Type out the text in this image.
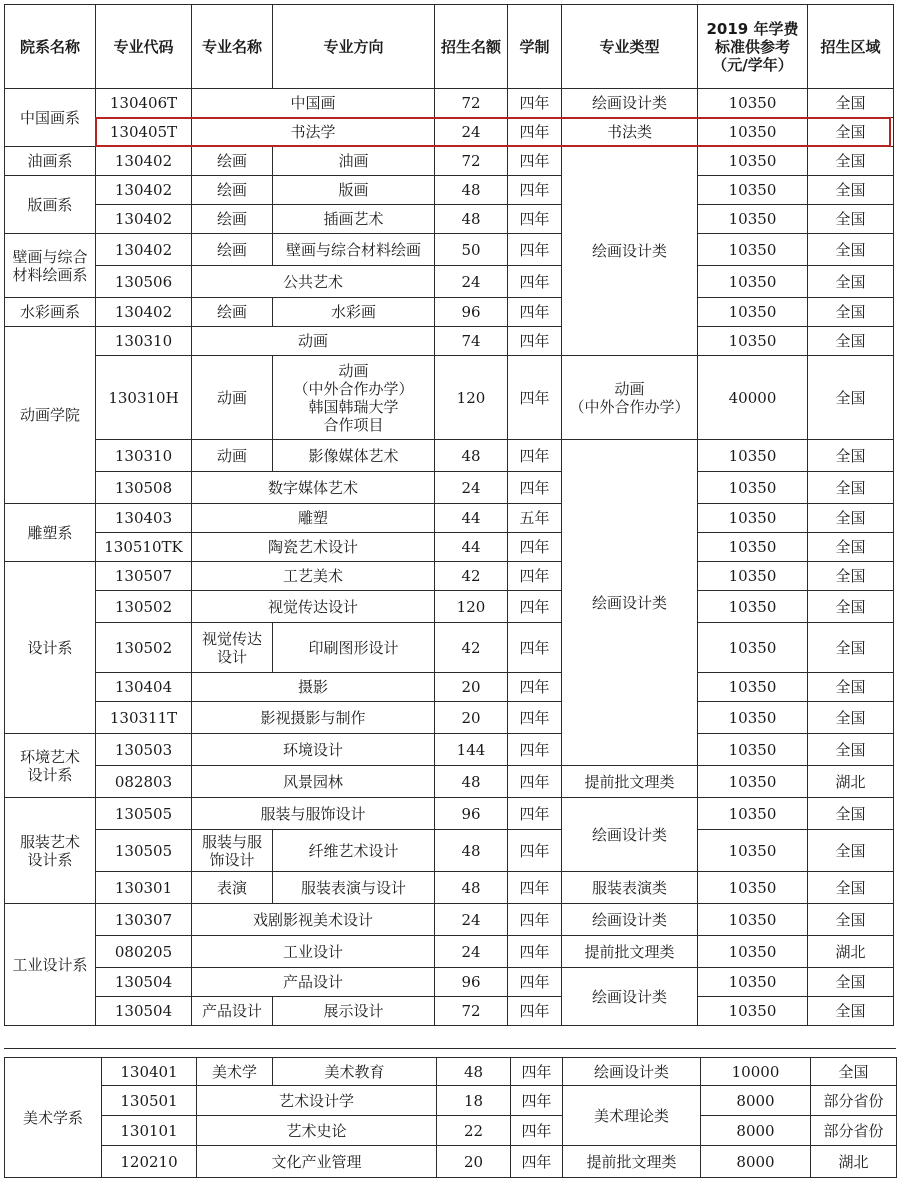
院系名称	专业代码	专业名称	专业方向	招生名额	学制	专业类型	2019 年学费
标准供参考
（元/学年）	招生区域
中国画系	130406T	中国画		72	四年	绘画设计类	10350	全国
	130405T	书法学		24	四年	书法类	10350	全国
油画系	130402	绘画	油画	72	四年	绘画设计类	10350	全国
版画系	130402	绘画	版画	48	四年		10350	全国
	130402	绘画	插画艺术	48	四年		10350	全国
壁画与综合
材料绘画系	130402	绘画	壁画与综合材料绘画	50	四年		10350	全国
	130506	公共艺术		24	四年		10350	全国
水彩画系	130402	绘画	水彩画	96	四年		10350	全国
动画学院	130310	动画		74	四年		10350	全国
	130310H	动画	动画
（中外合作办学）
韩国韩瑞大学
合作项目	120	四年	动画
（中外合作办学）	40000	全国
	130310	动画	影像媒体艺术	48	四年	绘画设计类	10350	全国
	130508	数字媒体艺术		24	四年		10350	全国
雕塑系	130403	雕塑		44	五年		10350	全国
	130510TK	陶瓷艺术设计		44	四年		10350	全国
设计系	130507	工艺美术		42	四年		10350	全国
	130502	视觉传达设计		120	四年		10350	全国
	130502	视觉传达
设计	印刷图形设计	42	四年		10350	全国
	130404	摄影		20	四年		10350	全国
	130311T	影视摄影与制作		20	四年		10350	全国
环境艺术
设计系	130503	环境设计		144	四年		10350	全国
	082803	风景园林		48	四年	提前批文理类	10350	湖北
服装艺术
设计系	130505	服装与服饰设计		96	四年	绘画设计类	10350	全国
	130505	服装与服
饰设计	纤维艺术设计	48	四年		10350	全国
	130301	表演	服装表演与设计	48	四年	服装表演类	10350	全国
工业设计系	130307	戏剧影视美术设计		24	四年	绘画设计类	10350	全国
	080205	工业设计		24	四年	提前批文理类	10350	湖北
	130504	产品设计		96	四年	绘画设计类	10350	全国
	130504	产品设计	展示设计	72	四年		10350	全国
美术学系	130401	美术学	美术教育	48	四年	绘画设计类	10000	全国
	130501	艺术设计学		18	四年	美术理论类	8000	部分省份
	130101	艺术史论		22	四年		8000	部分省份
	120210	文化产业管理		20	四年	提前批文理类	8000	湖北
